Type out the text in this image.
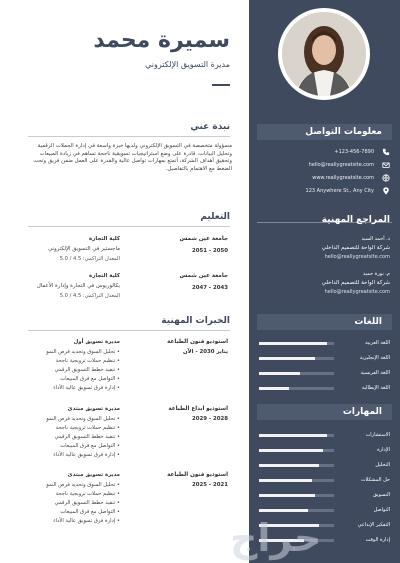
معلومات التواصل
+123-456-7890
hello@reallygreatsite.com
www.reallygreatsite.com
123 Anywhere St., Any City
المراجع المهنية
د. أحمد السيد
شركة الواحة للتصميم الداخلي
hello@reallygreatsite.com
م. نورة حميد
شركة الواحة للتصميم الداخلي
hello@reallygreatsite.com
اللغات
اللغة العربية
اللغة الإنجليزية
اللغة الفرنسية
اللغة الإيطالية
المهارات
الاستشارات
الإدارة
التحليل
حل المشكلات
التسويق
التواصل
التفكير الإبداعي
إدارة الوقت
سميرة محمد
مديرة التسويق الإلكتروني
نبذة عني

مسؤولة متخصصة في التسويق الإلكتروني ولديها خبرة واسعة في إدارة الحملات الرقمية وتحليل البيانات، قادرة على وضع استراتيجيات تسويقية ناجحة تساهم في زيادة المبيعات وتحقيق أهداف الشركة، أتمتع بمهارات تواصل عالية والقدرة على العمل ضمن فريق وتحت الضغط مع الاهتمام بالتفاصيل.

التعليم
جامعة عين شمس
2050 - 2051
كلية التجارة
ماجستير في التسويق الإلكتروني
المعدل التراكمي: 4.5 / 5.0
جامعة عين شمس
2043 - 2047
كلية التجارة
بكالوريوس في التجارة وإدارة الأعمال
المعدل التراكمي: 4.5 / 5.0
الخبرات المهنية
استوديو فنون الطباعة
يناير 2030 - الآن
مديرة تسويق أول
• تحليل السوق وتحديد فرص النمو
• تنظيم حملات ترويجية ناجحة
• تنفيذ خطط التسويق الرقمي
• التواصل مع فرق المبيعات
• إدارة فرق تسويق عالية الأداء
استوديو ابداع الطباعة
2028 - 2029
مديرة تسويق مبتدئ
• تحليل السوق وتحديد فرص النمو
• تنظيم حملات ترويجية ناجحة
• تنفيذ خطط التسويق الرقمي
• التواصل مع فرق المبيعات
• إدارة فرق تسويق عالية الأداء
استوديو فنون الطباعة
2021 - 2025
مديرة تسويق مبتدئ
• تحليل السوق وتحديد فرص النمو
• تنظيم حملات ترويجية ناجحة
• تنفيذ خطط التسويق الرقمي
• التواصل مع فرق المبيعات
• إدارة فرق تسويق عالية الأداء	حراج
